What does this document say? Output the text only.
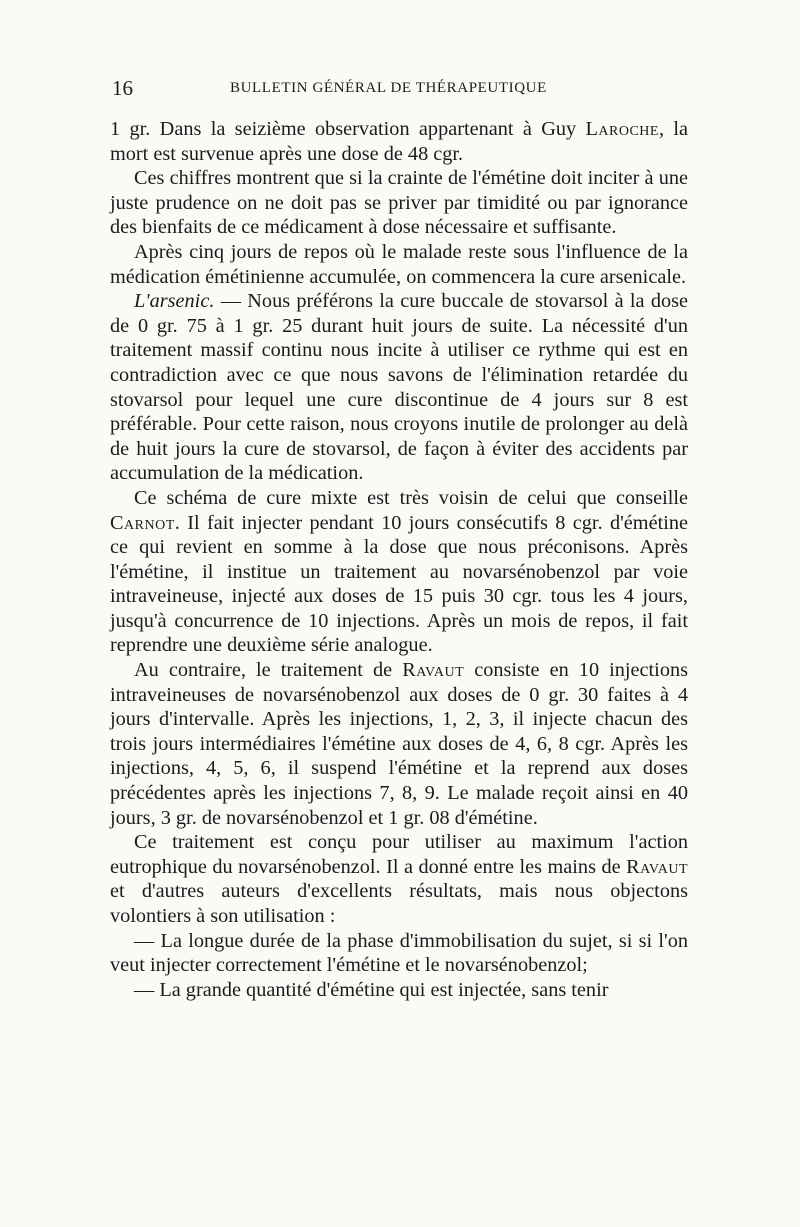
16	BULLETIN GÉNÉRAL DE THÉRAPEUTIQUE

1 gr. Dans la seizième observation appartenant à Guy Laroche, la mort est survenue après une dose de 48 cgr.

Ces chiffres montrent que si la crainte de l'émétine doit inciter à une juste prudence on ne doit pas se priver par timidité ou par ignorance des bienfaits de ce médicament à dose nécessaire et suffisante.

Après cinq jours de repos où le malade reste sous l'influence de la médication émétinienne accumulée, on commencera la cure arsenicale.

L'arsenic. — Nous préférons la cure buccale de stovarsol à la dose de 0 gr. 75 à 1 gr. 25 durant huit jours de suite. La nécessité d'un traitement massif continu nous incite à utiliser ce rythme qui est en contradiction avec ce que nous savons de l'élimination retardée du stovarsol pour lequel une cure discontinue de 4 jours sur 8 est préférable. Pour cette raison, nous croyons inutile de prolonger au delà de huit jours la cure de stovarsol, de façon à éviter des accidents par accumulation de la médication.

Ce schéma de cure mixte est très voisin de celui que conseille Carnot. Il fait injecter pendant 10 jours consécutifs 8 cgr. d'émétine ce qui revient en somme à la dose que nous préconisons. Après l'émétine, il institue un traitement au novarsénobenzol par voie intraveineuse, injecté aux doses de 15 puis 30 cgr. tous les 4 jours, jusqu'à concurrence de 10 injections. Après un mois de repos, il fait reprendre une deuxième série analogue.

Au contraire, le traitement de Ravaut consiste en 10 injections intraveineuses de novarsénobenzol aux doses de 0 gr. 30 faites à 4 jours d'intervalle. Après les injections, 1, 2, 3, il injecte chacun des trois jours intermédiaires l'émétine aux doses de 4, 6, 8 cgr. Après les injections, 4, 5, 6, il suspend l'émétine et la reprend aux doses précédentes après les injections 7, 8, 9. Le malade reçoit ainsi en 40 jours, 3 gr. de novarsénobenzol et 1 gr. 08 d'émétine.

Ce traitement est conçu pour utiliser au maximum l'action eutrophique du novarsénobenzol. Il a donné entre les mains de Ravaut et d'autres auteurs d'excellents résultats, mais nous objectons volontiers à son utilisation :

— La longue durée de la phase d'immobilisation du sujet, si si l'on veut injecter correctement l'émétine et le novarsénobenzol;

— La grande quantité d'émétine qui est injectée, sans tenir
